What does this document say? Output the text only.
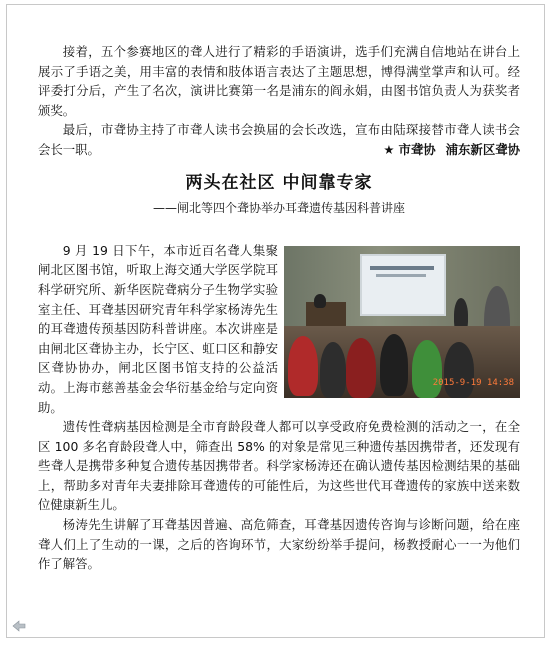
接着，五个参赛地区的聋人进行了精彩的手语演讲，选手们充满自信地站在讲台上展示了手语之美，用丰富的表情和肢体语言表达了主题思想，博得满堂掌声和认可。经评委打分后，产生了名次，演讲比赛第一名是浦东的阎永娟，由图书馆负责人为获奖者颁奖。

最后，市聋协主持了市聋人读书会换届的会长改选，宣布由陆琛接替市聋人读书会会长一职。	★ 市聋协 浦东新区聋协
两头在社区 中间靠专家
——闸北等四个聋协举办耳聋遗传基因科普讲座

2015-9-19 14:38
9 月 19 日下午，本市近百名聋人集聚闸北区图书馆，听取上海交通大学医学院耳科学研究所、新华医院聋病分子生物学实验室主任、耳聋基因研究青年科学家杨涛先生的耳聋遗传预基因防科普讲座。本次讲座是由闸北区聋协主办，长宁区、虹口区和静安区聋协协办，闸北区图书馆支持的公益活动。上海市慈善基金会华衍基金给与定向资助。

遗传性聋病基因检测是全市育龄段聋人都可以享受政府免费检测的活动之一，在全区 100 多名育龄段聋人中，筛查出 58% 的对象是常见三种遗传基因携带者，还发现有些聋人是携带多种复合遗传基因携带者。科学家杨涛还在确认遗传基因检测结果的基础上，帮助多对青年夫妻排除耳聋遗传的可能性后，为这些世代耳聋遗传的家族中送来数位健康新生儿。

杨涛先生讲解了耳聋基因普遍、高危筛查，耳聋基因遗传咨询与诊断问题，给在座聋人们上了生动的一课，之后的咨询环节，大家纷纷举手提问，杨教授耐心一一为他们作了解答。
